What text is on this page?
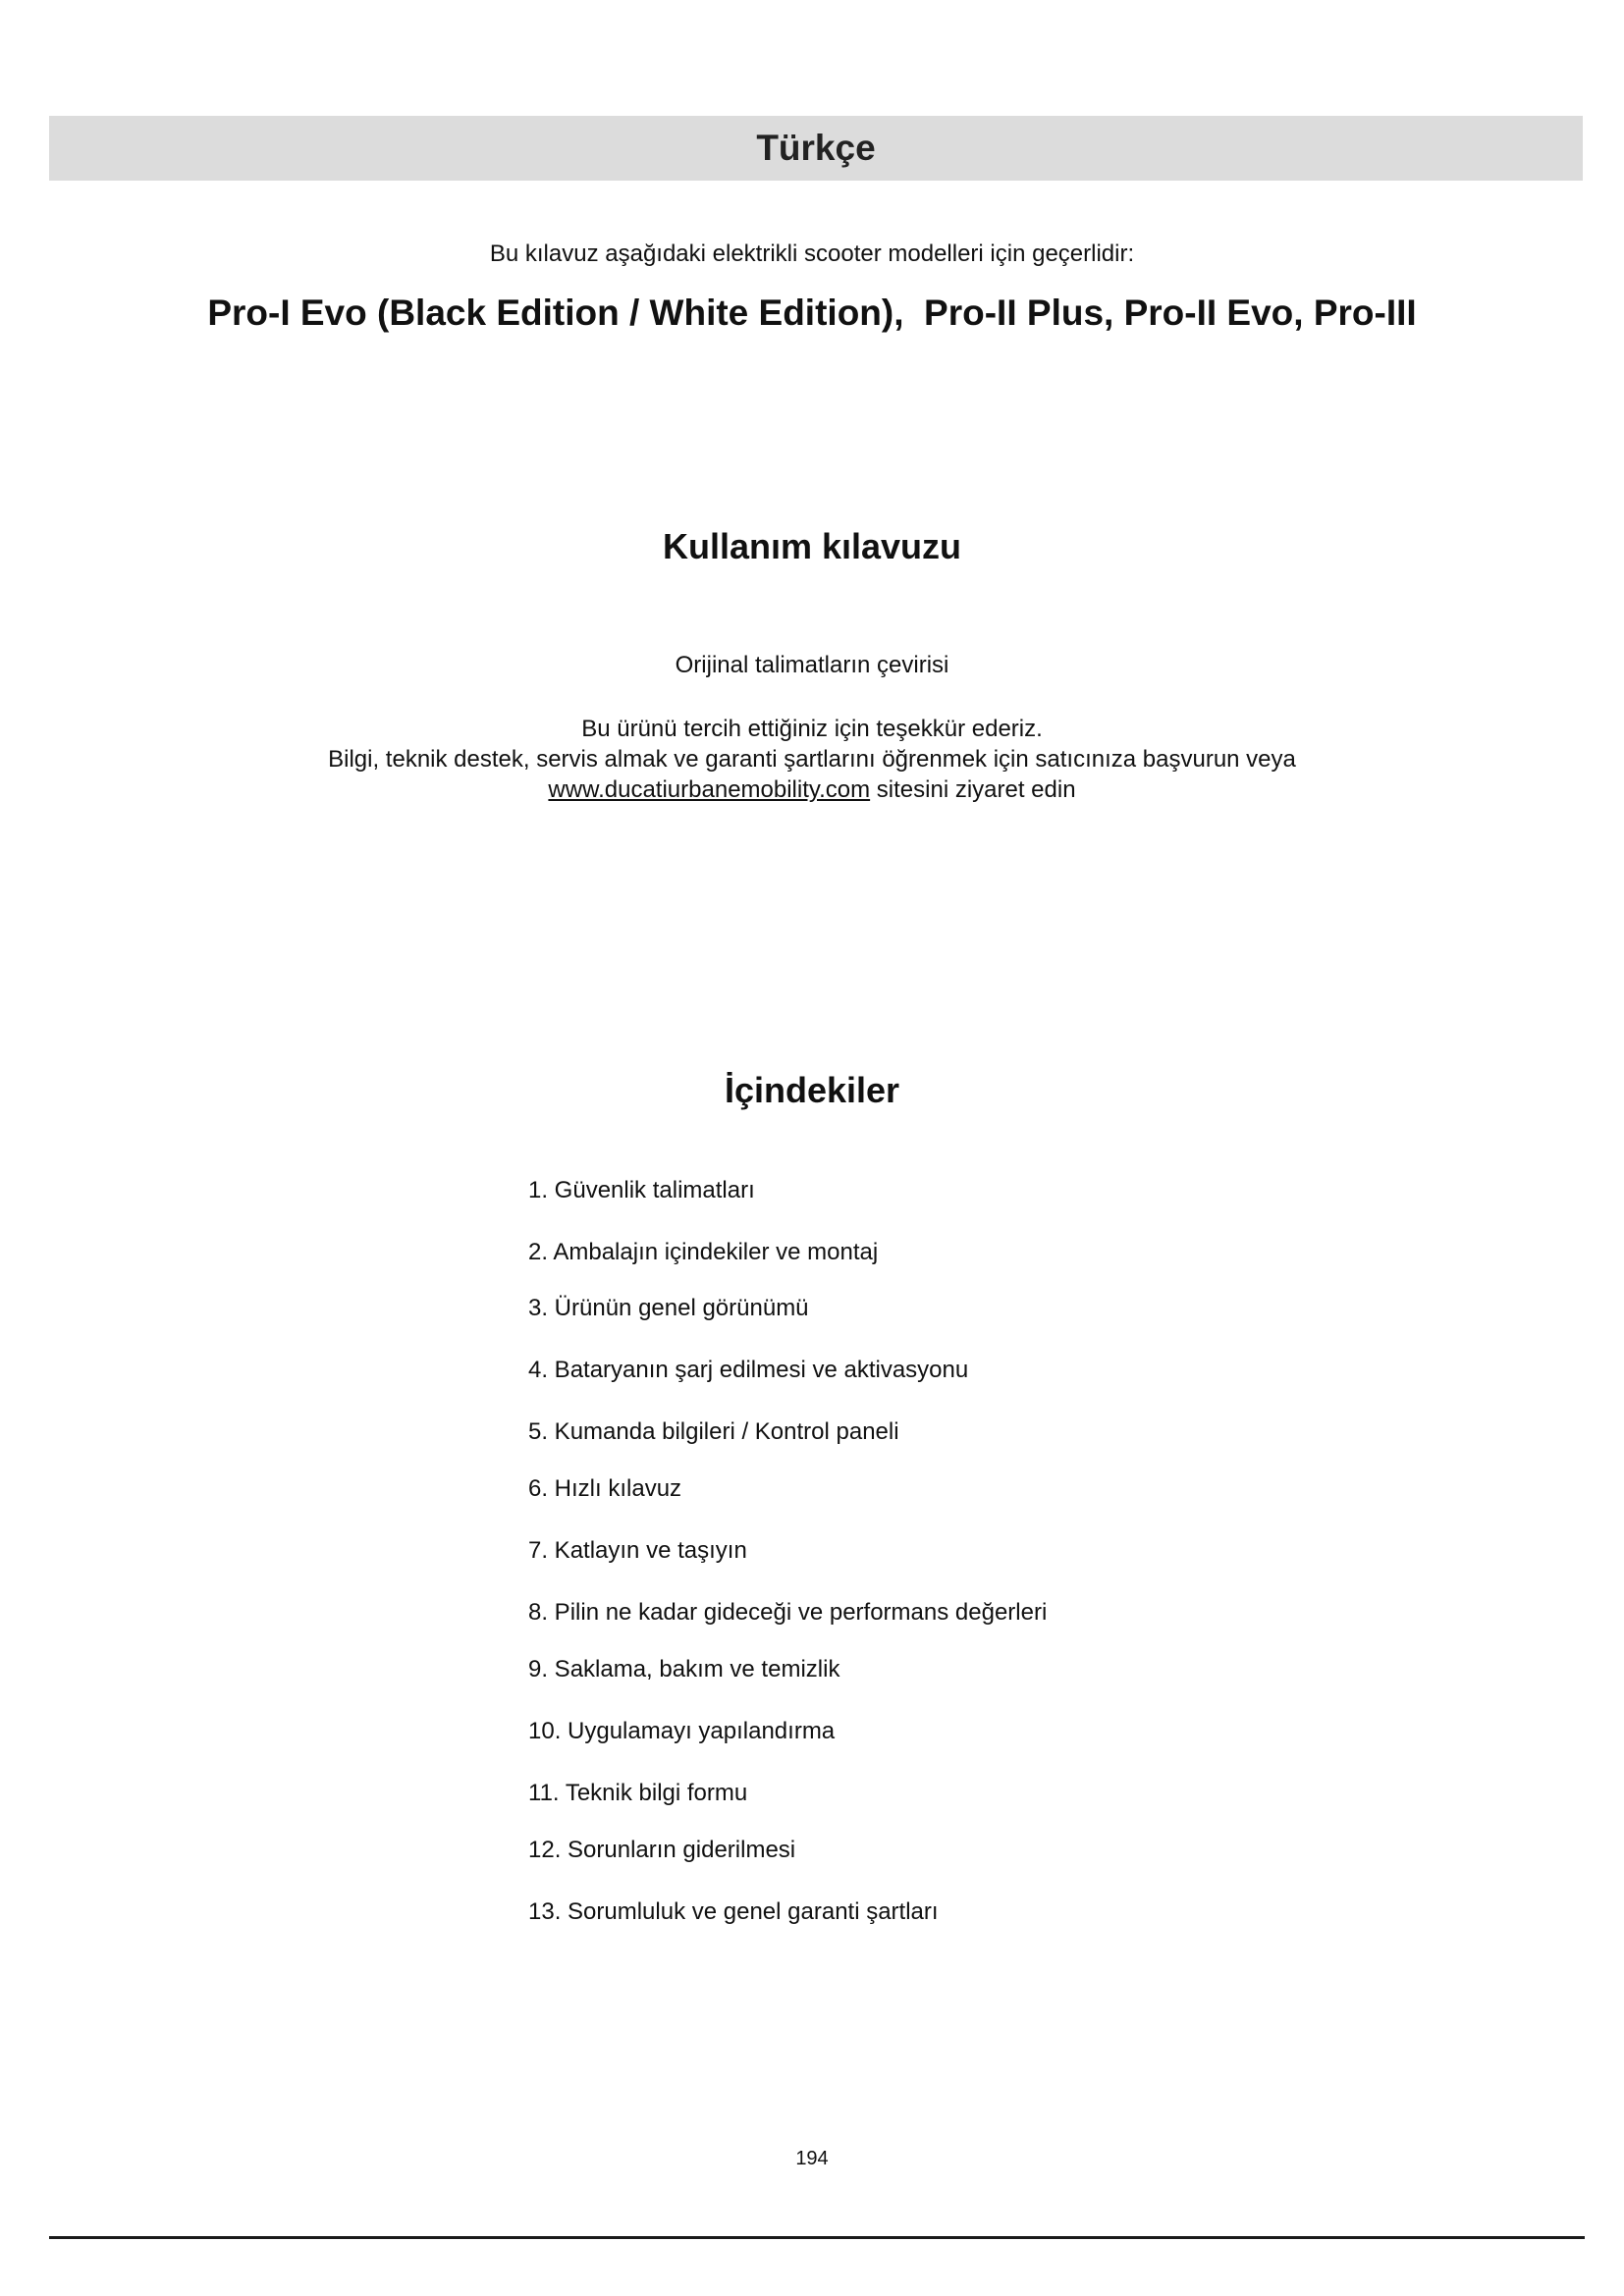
Türkçe
Bu kılavuz aşağıdaki elektrikli scooter modelleri için geçerlidir:
Pro-I Evo (Black Edition / White Edition),  Pro-II Plus, Pro-II Evo, Pro-III
Kullanım kılavuzu
Orijinal talimatların çevirisi
Bu ürünü tercih ettiğiniz için teşekkür ederiz.
Bilgi, teknik destek, servis almak ve garanti şartlarını öğrenmek için satıcınıza başvurun veya
www.ducatiurbanemobility.com sitesini ziyaret edin
İçindekiler
1. Güvenlik talimatları
2. Ambalajın içindekiler ve montaj
3. Ürünün genel görünümü
4. Bataryanın şarj edilmesi ve aktivasyonu
5. Kumanda bilgileri / Kontrol paneli
6. Hızlı kılavuz
7. Katlayın ve taşıyın
8. Pilin ne kadar gideceği ve performans değerleri
9. Saklama, bakım ve temizlik
10. Uygulamayı yapılandırma
11. Teknik bilgi formu
12. Sorunların giderilmesi
13. Sorumluluk ve genel garanti şartları
194
